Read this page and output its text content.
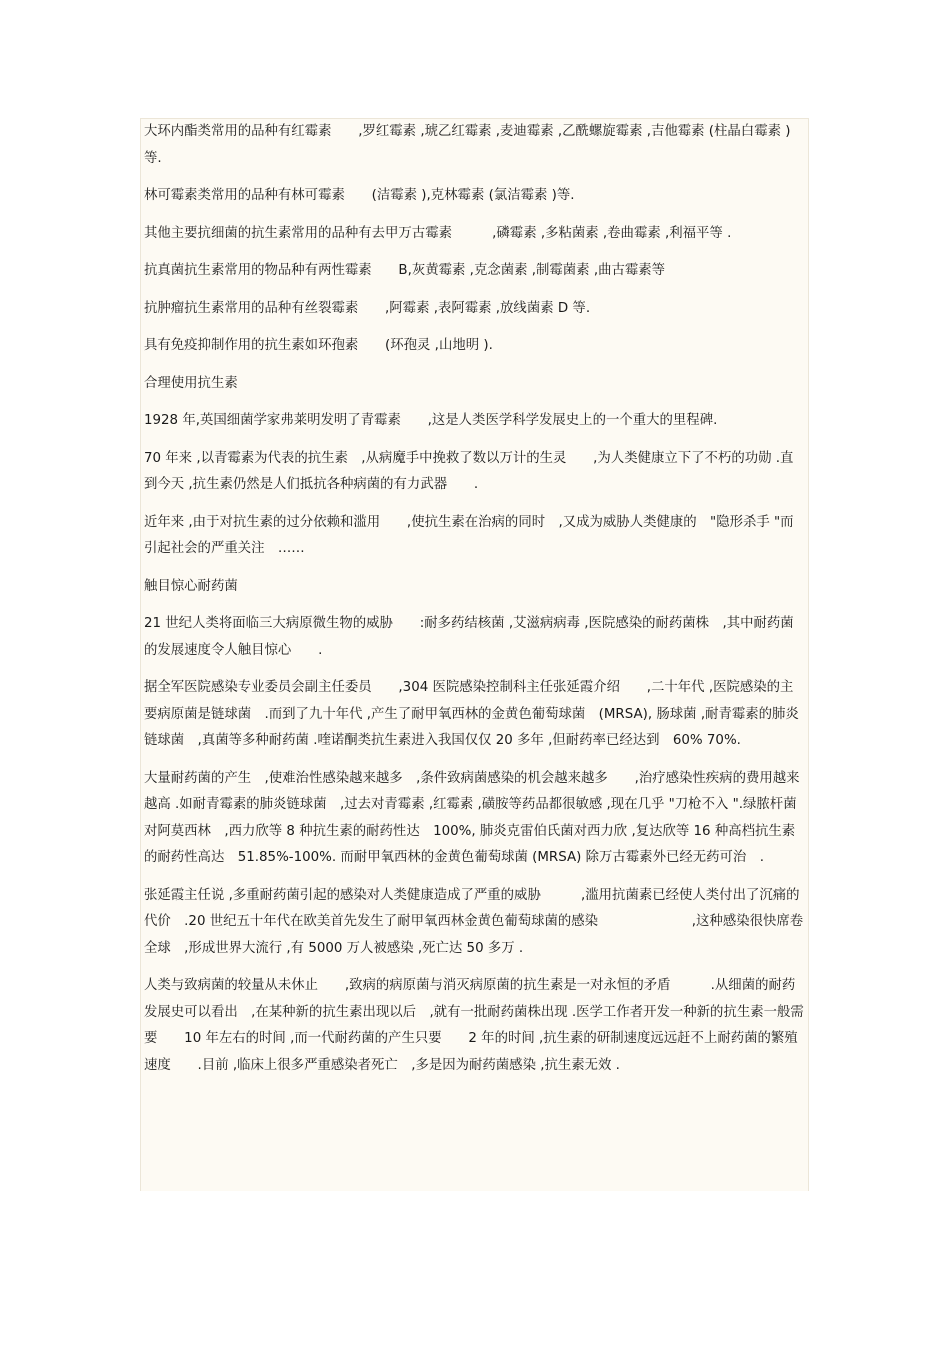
大环内酯类常用的品种有红霉素　　,罗红霉素 ,琥乙红霉素 ,麦迪霉素 ,乙酰螺旋霉素 ,吉他霉素 (柱晶白霉素 )等.

林可霉素类常用的品种有林可霉素　　(洁霉素 ),克林霉素 (氯洁霉素 )等.

其他主要抗细菌的抗生素常用的品种有去甲万古霉素　　　,磷霉素 ,多粘菌素 ,卷曲霉素 ,利福平等 .

抗真菌抗生素常用的物品种有两性霉素　　B,灰黄霉素 ,克念菌素 ,制霉菌素 ,曲古霉素等

抗肿瘤抗生素常用的品种有丝裂霉素　　,阿霉素 ,表阿霉素 ,放线菌素 D 等.

具有免疫抑制作用的抗生素如环孢素　　(环孢灵 ,山地明 ).

合理使用抗生素

1928 年,英国细菌学家弗莱明发明了青霉素　　,这是人类医学科学发展史上的一个重大的里程碑.

70 年来 ,以青霉素为代表的抗生素　,从病魔手中挽救了数以万计的生灵　　,为人类健康立下了不朽的功勋 .直到今天 ,抗生素仍然是人们抵抗各种病菌的有力武器　　.

近年来 ,由于对抗生素的过分依赖和滥用　　,使抗生素在治病的同时　,又成为威胁人类健康的　"隐形杀手 "而引起社会的严重关注　……

触目惊心耐药菌

21 世纪人类将面临三大病原微生物的威胁　　:耐多药结核菌 ,艾滋病病毒 ,医院感染的耐药菌株　,其中耐药菌的发展速度令人触目惊心　　.

据全军医院感染专业委员会副主任委员　　,304 医院感染控制科主任张延霞介绍　　,二十年代 ,医院感染的主要病原菌是链球菌　.而到了九十年代 ,产生了耐甲氧西林的金黄色葡萄球菌　(MRSA), 肠球菌 ,耐青霉素的肺炎链球菌　,真菌等多种耐药菌 .喹诺酮类抗生素进入我国仅仅 20 多年 ,但耐药率已经达到　60% 70%.

大量耐药菌的产生　,使难治性感染越来越多　,条件致病菌感染的机会越来越多　　,治疗感染性疾病的费用越来越高 .如耐青霉素的肺炎链球菌　,过去对青霉素 ,红霉素 ,磺胺等药品都很敏感 ,现在几乎 "刀枪不入 ".绿脓杆菌对阿莫西林　,西力欣等 8 种抗生素的耐药性达　100%, 肺炎克雷伯氏菌对西力欣 ,复达欣等 16 种高档抗生素的耐药性高达　51.85%-100%. 而耐甲氧西林的金黄色葡萄球菌 (MRSA) 除万古霉素外已经无药可治　.

张延霞主任说 ,多重耐药菌引起的感染对人类健康造成了严重的威胁　　　,滥用抗菌素已经使人类付出了沉痛的代价　.20 世纪五十年代在欧美首先发生了耐甲氧西林金黄色葡萄球菌的感染　　　　　　　,这种感染很快席卷全球　,形成世界大流行 ,有 5000 万人被感染 ,死亡达 50 多万 .

人类与致病菌的较量从未休止　　,致病的病原菌与消灭病原菌的抗生素是一对永恒的矛盾　　　.从细菌的耐药发展史可以看出　,在某种新的抗生素出现以后　,就有一批耐药菌株出现 .医学工作者开发一种新的抗生素一般需要　　10 年左右的时间 ,而一代耐药菌的产生只要　　2 年的时间 ,抗生素的研制速度远远赶不上耐药菌的繁殖速度　　.目前 ,临床上很多严重感染者死亡　,多是因为耐药菌感染 ,抗生素无效 .
